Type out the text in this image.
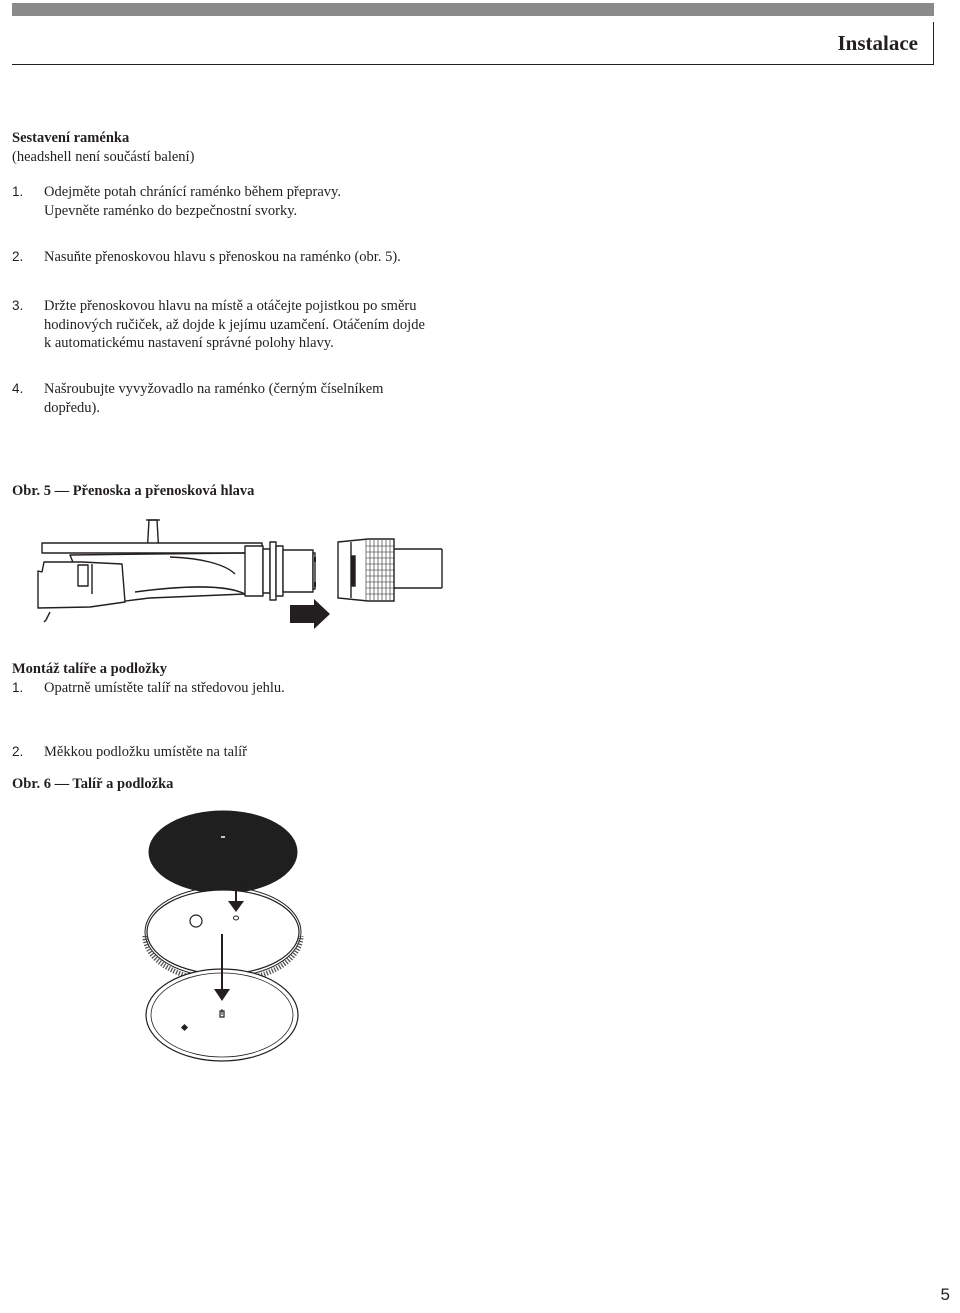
Instalace
Sestavení raménka
(headshell není součástí balení)
1. Odejměte potah chránící raménko během přepravy.
Upevněte raménko do bezpečnostní svorky.
2. Nasuňte přenoskovou hlavu s přenoskou na raménko (obr. 5).
3. Držte přenoskovou hlavu na místě a otáčejte pojistkou po směru
hodinových ručiček, až dojde k jejímu uzamčení. Otáčením dojde
k automatickému nastavení správné polohy hlavy.
4. Našroubujte vyvyžovadlo na raménko (černým číselníkem
dopředu).
Obr. 5 — Přenoska a přenosková hlava
Montáž talíře a podložky
1. Opatrně umístěte talíř na středovou jehlu.
2. Měkkou podložku umístěte na talíř
Obr. 6 — Talíř a podložka
5
